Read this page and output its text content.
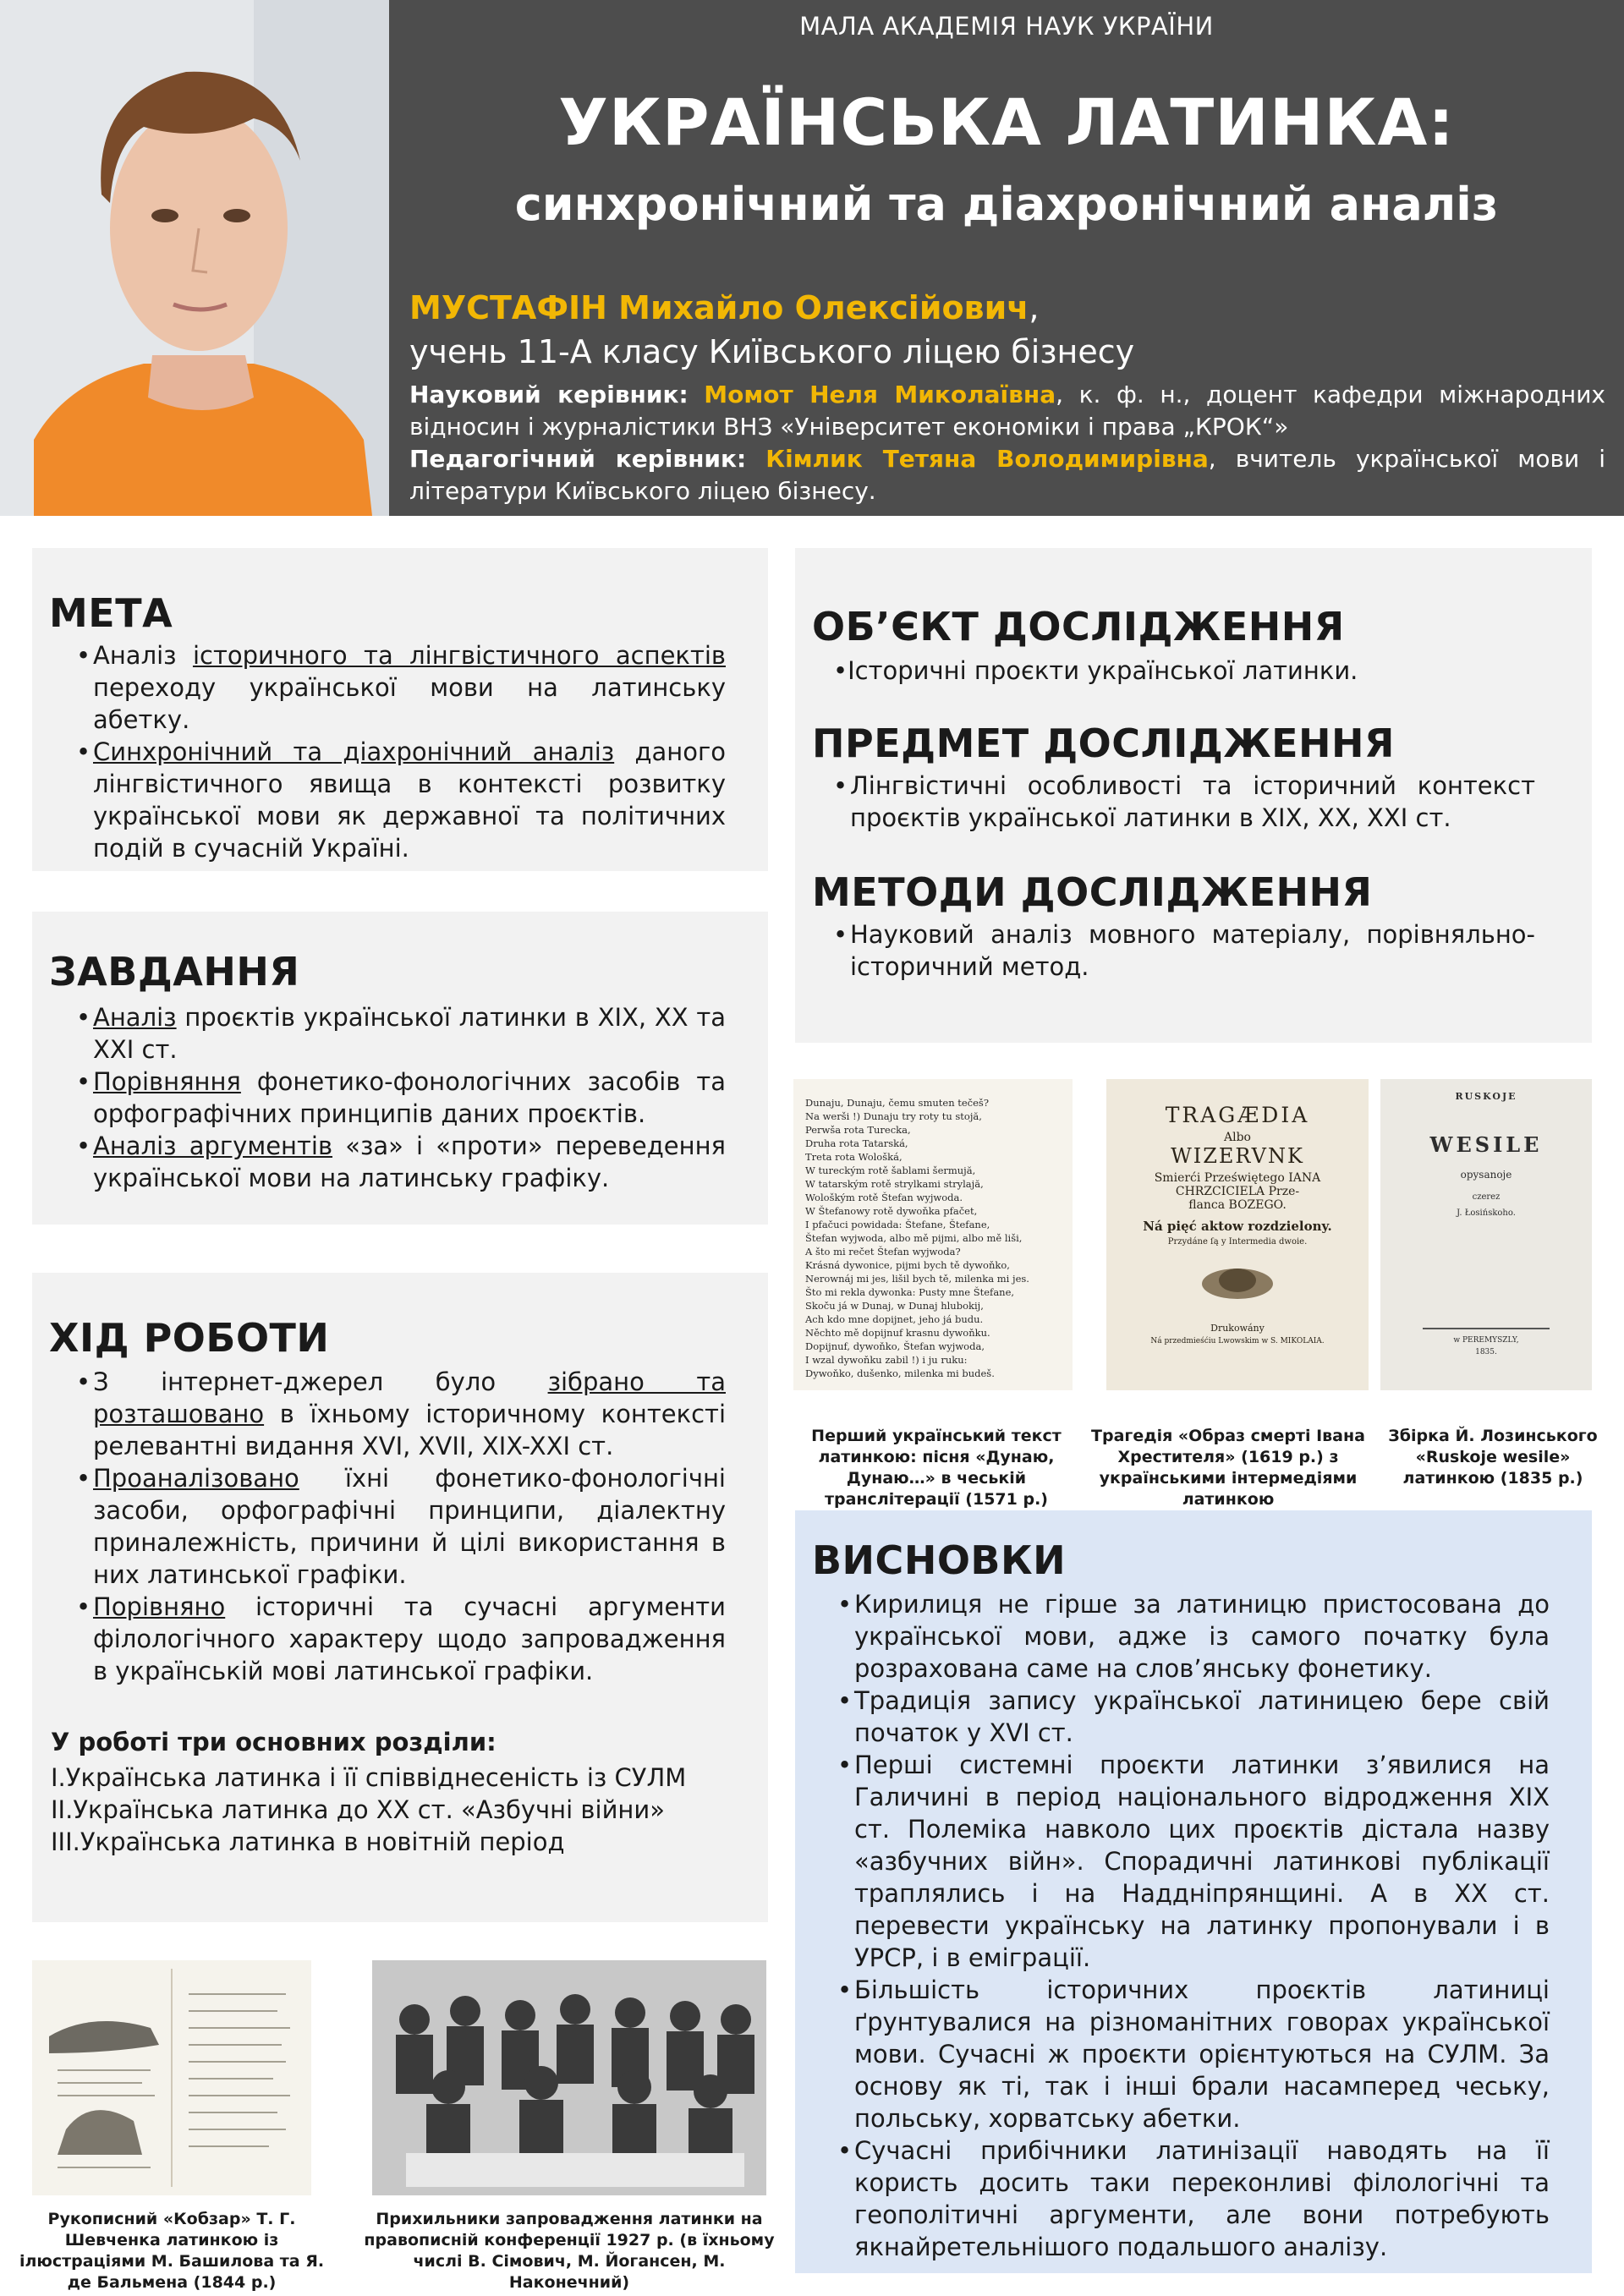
МАЛА АКАДЕМІЯ НАУК УКРАЇНИ
УКРАЇНСЬКА ЛАТИНКА:
синхронічний та діахронічний аналіз
МУСТАФІН Михайло Олексійович,
учень 11-А класу Київського ліцею бізнесу
Науковий керівник: Момот Неля Миколаївна, к. ф. н., доцент кафедри міжнародних відносин і журналістики ВНЗ «Університет економіки і права „КРОК“»
Педагогічний керівник: Кімлик Тетяна Володимирівна, вчитель української мови і літератури Київського ліцею бізнесу.
МЕТА
• Аналіз історичного та лінгвістичного аспектів переходу української мови на латинську абетку.
• Синхронічний та діахронічний аналіз даного лінгвістичного явища в контексті розвитку української мови як державної та політичних подій в сучасній Україні.
ЗАВДАННЯ
• Аналіз проєктів української латинки в XIX, XX та XXI ст.
• Порівняння фонетико-фонологічних засобів та орфографічних принципів даних проєктів.
• Аналіз аргументів «за» і «проти» переведення української мови на латинську графіку.
ХІД РОБОТИ
• З інтернет-джерел було зібрано та розташовано в їхньому історичному контексті релевантні видання XVI, XVII, XIX-XXI ст.
• Проаналізовано їхні фонетико-фонологічні засоби, орфографічні принципи, діалектну приналежність, причини й цілі використання в них латинської графіки.
• Порівняно історичні та сучасні аргументи філологічного характеру щодо запровадження в українській мові латинської графіки.
У роботі три основних розділи:
I.Українська латинка і її співвіднесеність із СУЛМ
II.Українська латинка до XX ст. «Азбучні війни»
III.Українська латинка в новітній період
ОБ’ЄКТ ДОСЛІДЖЕННЯ
•Історичні проєкти української латинки.
ПРЕДМЕТ ДОСЛІДЖЕННЯ
• Лінгвістичні особливості та історичний контекст проєктів української латинки в XIX, XX, XXI ст.
МЕТОДИ ДОСЛІДЖЕННЯ
• Науковий аналіз мовного матеріалу, порівняльно-історичний метод.
Dunaju, Dunaju, čemu smuten tečeš?
Na werši !) Dunaju try roty tu stojă,
Perwša rota Turecka,
Druha rota Tatarská,
Treta rota Wološká,
W tureckým rotě šablami šermujă,
W tatarským rotě strylkami strylajă,
Wološkým rotě Štefan wyjwoda.
W Štefanowy rotě dywoňka pfačet,
I pfačuci powidada: Štefane, Štefane,
Štefan wyjwoda, albo mě pijmi, albo mě liši,
A što mi rečet Štefan wyjwoda?
Krásná dywonice, pijmi bych tě dywoňko,
Nerownáj mi jes, lišil bych tě, milenka mi jes.
Što mi rekla dywonka: Pusty mne Štefane,
Skoču já w Dunaj, w Dunaj hlubokij,
Ach kdo mne dopijnet, jeho já budu.
Něchto mě dopijnuf krasnu dywoňku.
Dopijnuf, dywoňko, Štefan wyjwoda,
I wzal dywoňku zabil !) i ju ruku:
Dywoňko, dušenko, milenka mi budeš.
TRAGÆDIA
Albo
WIZERVNK
Smierći Przeświętego IANA
CHRZCICIELA Prze-
flanca BOZEGO.
Ná pięć aktow rozdzielony.
Przydáne ſą y Intermedia dwoie.
Drukowány
Ná przedmieśćiu Lwowskim w S. MIKOLAIA.
RUSKOJE
WESILE
opysanoje
czerez
J. Łosińskoho.
w PEREMYSZLY,
1835.
Перший український текст латинкою: пісня «Дунаю, Дунаю…» в чеській транслітерації (1571 р.)
Трагедія «Образ смерті Івана Хрестителя» (1619 р.) з українськими інтермедіями латинкою
Збірка Й. Лозинського «Ruskoje wesile» латинкою (1835 р.)
ВИСНОВКИ
• Кирилиця не гірше за латиницю пристосована до української мови, адже із самого початку була розрахована саме на слов’янську фонетику.
• Традиція запису української латиницею бере свій початок у XVI ст.
• Перші системні проєкти латинки з’явилися на Галичині в період національного відродження XIX ст. Полеміка навколо цих проєктів дістала назву «азбучних війн». Спорадичні латинкові публікації траплялись і на Наддніпрянщині. А в XX ст. перевести українську на латинку пропонували і в УРСР, і в еміграції.
• Більшість історичних проєктів латиниці ґрунтувалися на різноманітних говорах української мови. Сучасні ж проєкти орієнтуються на СУЛМ. За основу як ті, так і інші брали насамперед чеську, польську, хорватську абетки.
• Сучасні прибічники латинізації наводять на її користь досить таки переконливі філологічні та геополітичні аргументи, але вони потребують якнайретельнішого подальшого аналізу.
Рукописний «Кобзар» Т. Г. Шевченка латинкою із ілюстраціями М. Башилова та Я. де Бальмена (1844 р.)
Прихильники запровадження латинки на правописній конференції 1927 р. (в їхньому числі В. Сімович, М. Йогансен, М. Наконечний)
